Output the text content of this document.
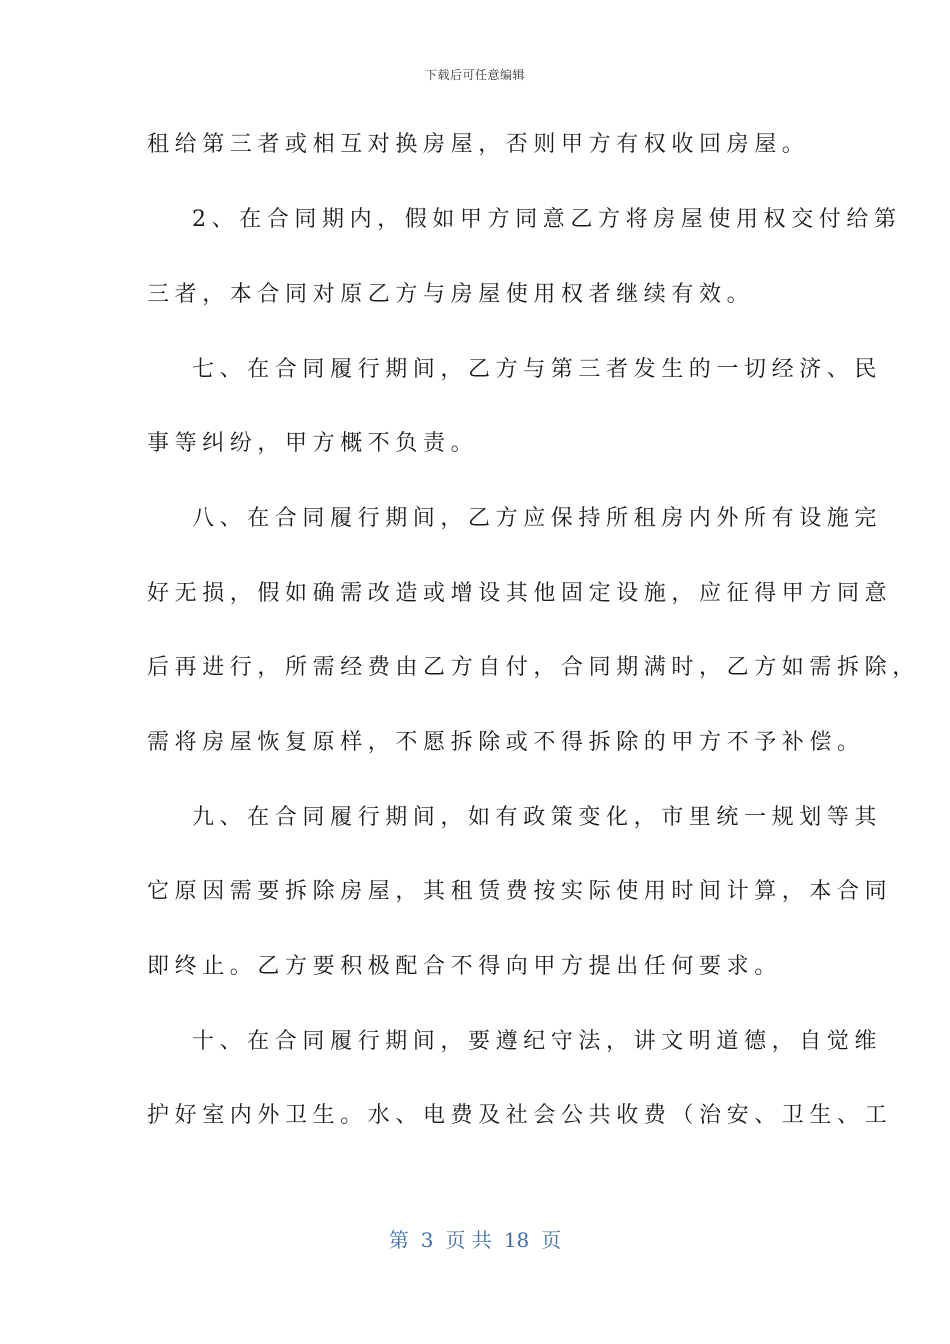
下载后可任意编辑
租给第三者或相互对换房屋，否则甲方有权收回房屋。
2、在合同期内，假如甲方同意乙方将房屋使用权交付给第
三者，本合同对原乙方与房屋使用权者继续有效。
七、在合同履行期间，乙方与第三者发生的一切经济、民
事等纠纷，甲方概不负责。
八、在合同履行期间，乙方应保持所租房内外所有设施完
好无损，假如确需改造或增设其他固定设施，应征得甲方同意
后再进行，所需经费由乙方自付，合同期满时，乙方如需拆除，
需将房屋恢复原样，不愿拆除或不得拆除的甲方不予补偿。
九、在合同履行期间，如有政策变化，市里统一规划等其
它原因需要拆除房屋，其租赁费按实际使用时间计算，本合同
即终止。乙方要积极配合不得向甲方提出任何要求。
十、在合同履行期间，要遵纪守法，讲文明道德，自觉维
护好室内外卫生。水、电费及社会公共收费（治安、卫生、工
第 3 页 共 18 页
